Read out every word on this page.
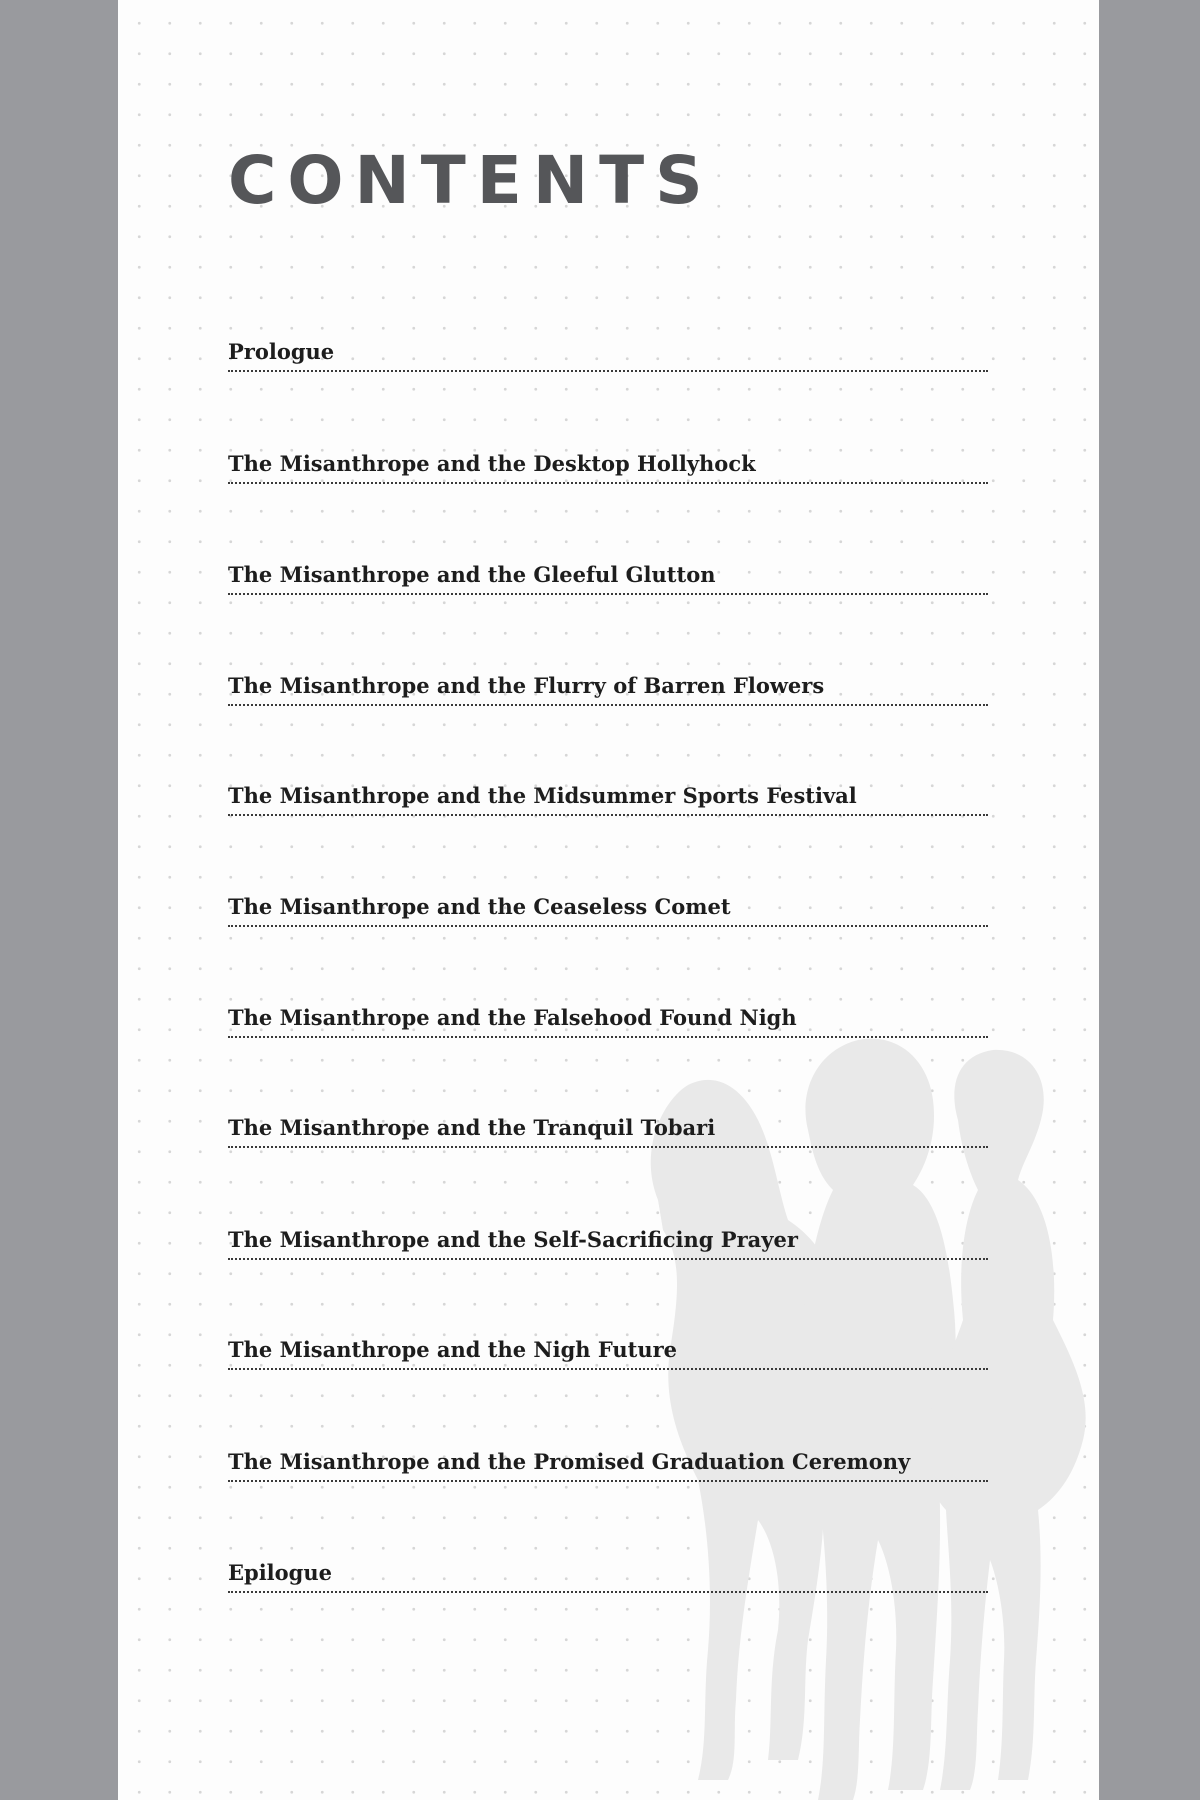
CONTENTS
Prologue
The Misanthrope and the Desktop Hollyhock
The Misanthrope and the Gleeful Glutton
The Misanthrope and the Flurry of Barren Flowers
The Misanthrope and the Midsummer Sports Festival
The Misanthrope and the Ceaseless Comet
The Misanthrope and the Falsehood Found Nigh
The Misanthrope and the Tranquil Tobari
The Misanthrope and the Self-Sacrificing Prayer
The Misanthrope and the Nigh Future
The Misanthrope and the Promised Graduation Ceremony
Epilogue
